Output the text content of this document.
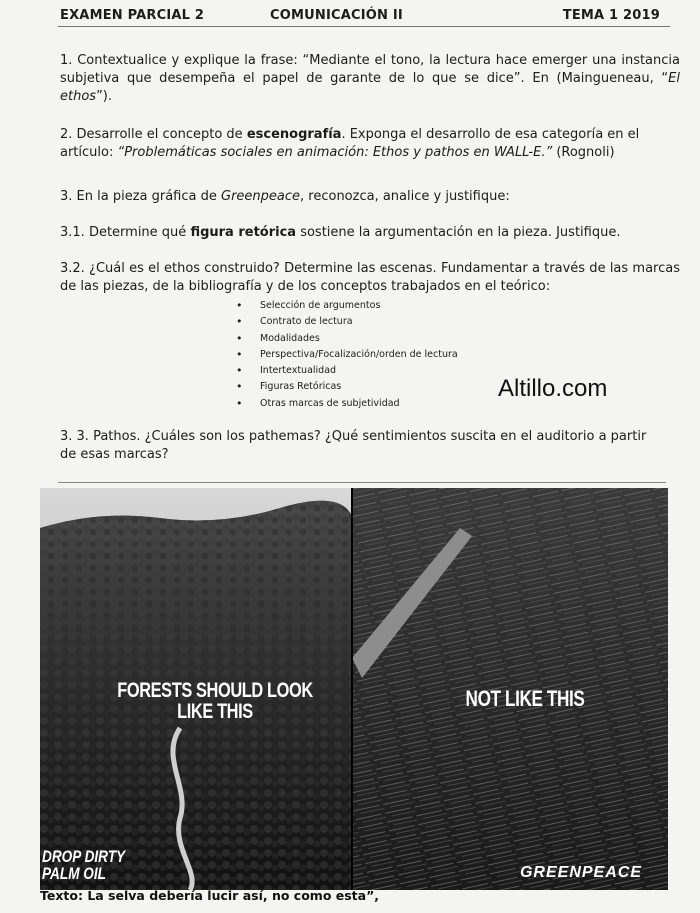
EXAMEN PARCIAL 2	COMUNICACIÓN II	TEMA 1 2019
1. Contextualice y explique la frase: “Mediante el tono, la lectura hace emerger una instancia subjetiva que desempeña el papel de garante de lo que se dice”. En (Maingueneau, “El ethos”).
2. Desarrolle el concepto de escenografía. Exponga el desarrollo de esa categoría en el artículo: “Problemáticas sociales en animación: Ethos y pathos en WALL-E.” (Rognoli)
3. En la pieza gráfica de Greenpeace, reconozca, analice y justifique:
3.1. Determine qué figura retórica sostiene la argumentación en la pieza. Justifique.
3.2. ¿Cuál es el ethos construido? Determine las escenas. Fundamentar a través de las marcas de las piezas, de la bibliografía y de los conceptos trabajados en el teórico:
• Selección de argumentos
• Contrato de lectura
• Modalidades
• Perspectiva/Focalización/orden de lectura
• Intertextualidad
• Figuras Retóricas
• Otras marcas de subjetividad
Altillo.com
3. 3. Pathos. ¿Cuáles son los pathemas? ¿Qué sentimientos suscita en el auditorio a partir de esas marcas?
FORESTS SHOULD LOOK LIKE THIS
NOT LIKE THIS
DROP DIRTY
PALM OIL	GREENPEACE
Texto: La selva debería lucir así, no como esta”,
